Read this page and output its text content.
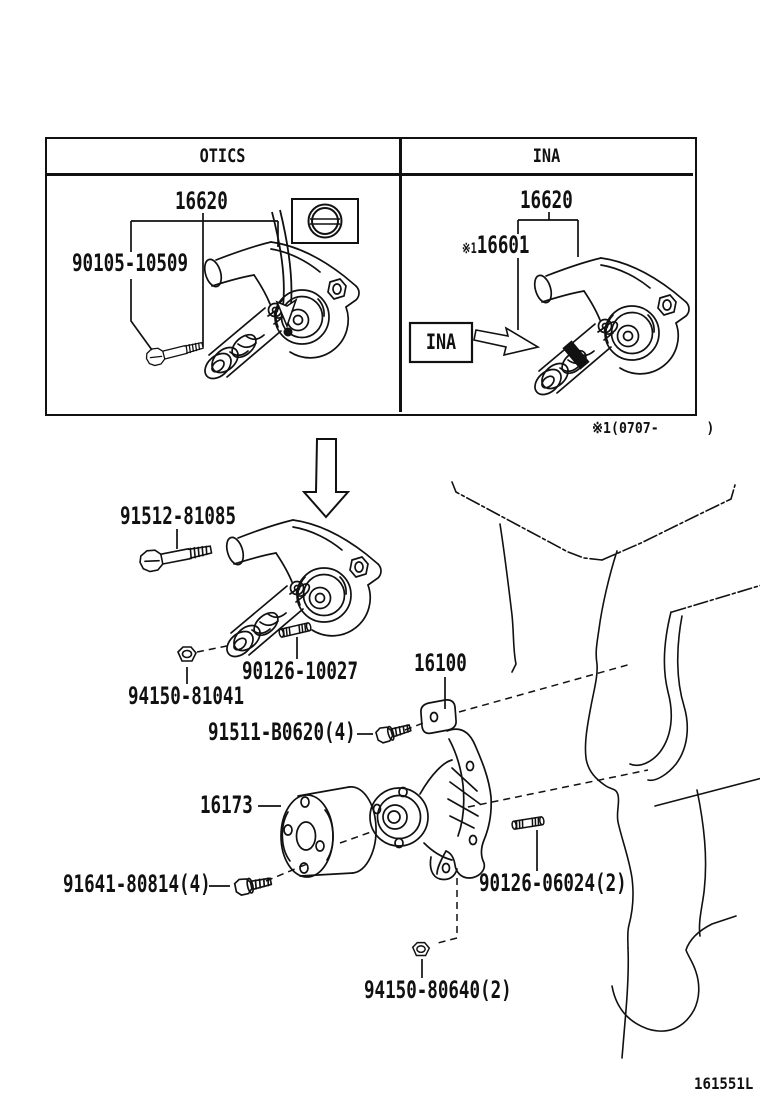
OTICS	INA
16620
90105-10509
16620
※1 16601
INA
※1(0707-      )
91512-81085
90126-10027
94150-81041
16100
91511-B0620(4)
16173
91641-80814(4)	90126-06024(2)
94150-80640(2)
161551L
